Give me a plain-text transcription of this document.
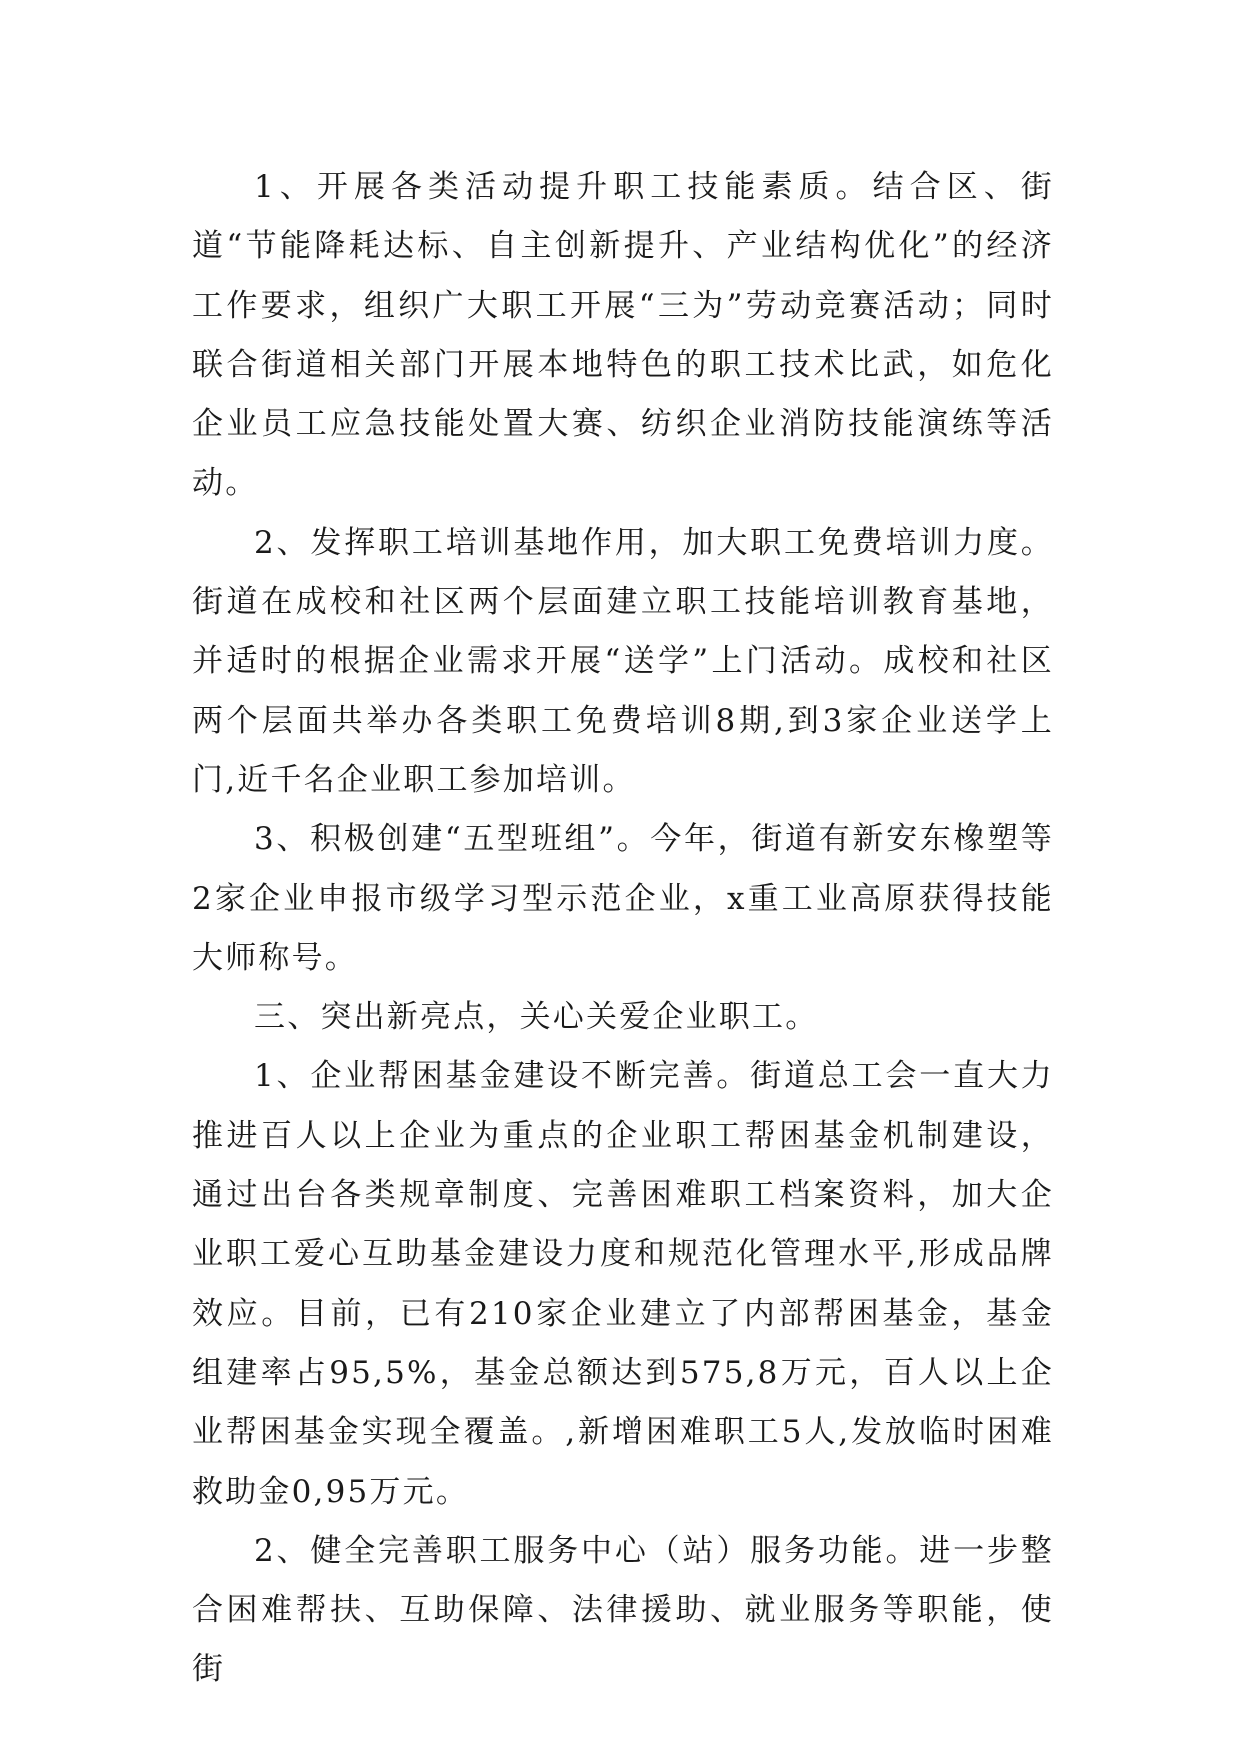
1、开展各类活动提升职工技能素质。结合区、街道“节能降耗达标、自主创新提升、产业结构优化”的经济工作要求，组织广大职工开展“三为”劳动竞赛活动；同时联合街道相关部门开展本地特色的职工技术比武，如危化企业员工应急技能处置大赛、纺织企业消防技能演练等活动。

2、发挥职工培训基地作用，加大职工免费培训力度。街道在成校和社区两个层面建立职工技能培训教育基地，并适时的根据企业需求开展“送学”上门活动。成校和社区两个层面共举办各类职工免费培训8期,到3家企业送学上门,近千名企业职工参加培训。

3、积极创建“五型班组”。今年，街道有新安东橡塑等2家企业申报市级学习型示范企业，x重工业高原获得技能大师称号。

三、突出新亮点，关心关爱企业职工。

1、企业帮困基金建设不断完善。街道总工会一直大力推进百人以上企业为重点的企业职工帮困基金机制建设，通过出台各类规章制度、完善困难职工档案资料，加大企业职工爱心互助基金建设力度和规范化管理水平,形成品牌效应。目前，已有210家企业建立了内部帮困基金，基金组建率占95,5%，基金总额达到575,8万元，百人以上企业帮困基金实现全覆盖。,新增困难职工5人,发放临时困难救助金0,95万元。

2、健全完善职工服务中心（站）服务功能。进一步整合困难帮扶、互助保障、法律援助、就业服务等职能，使街
